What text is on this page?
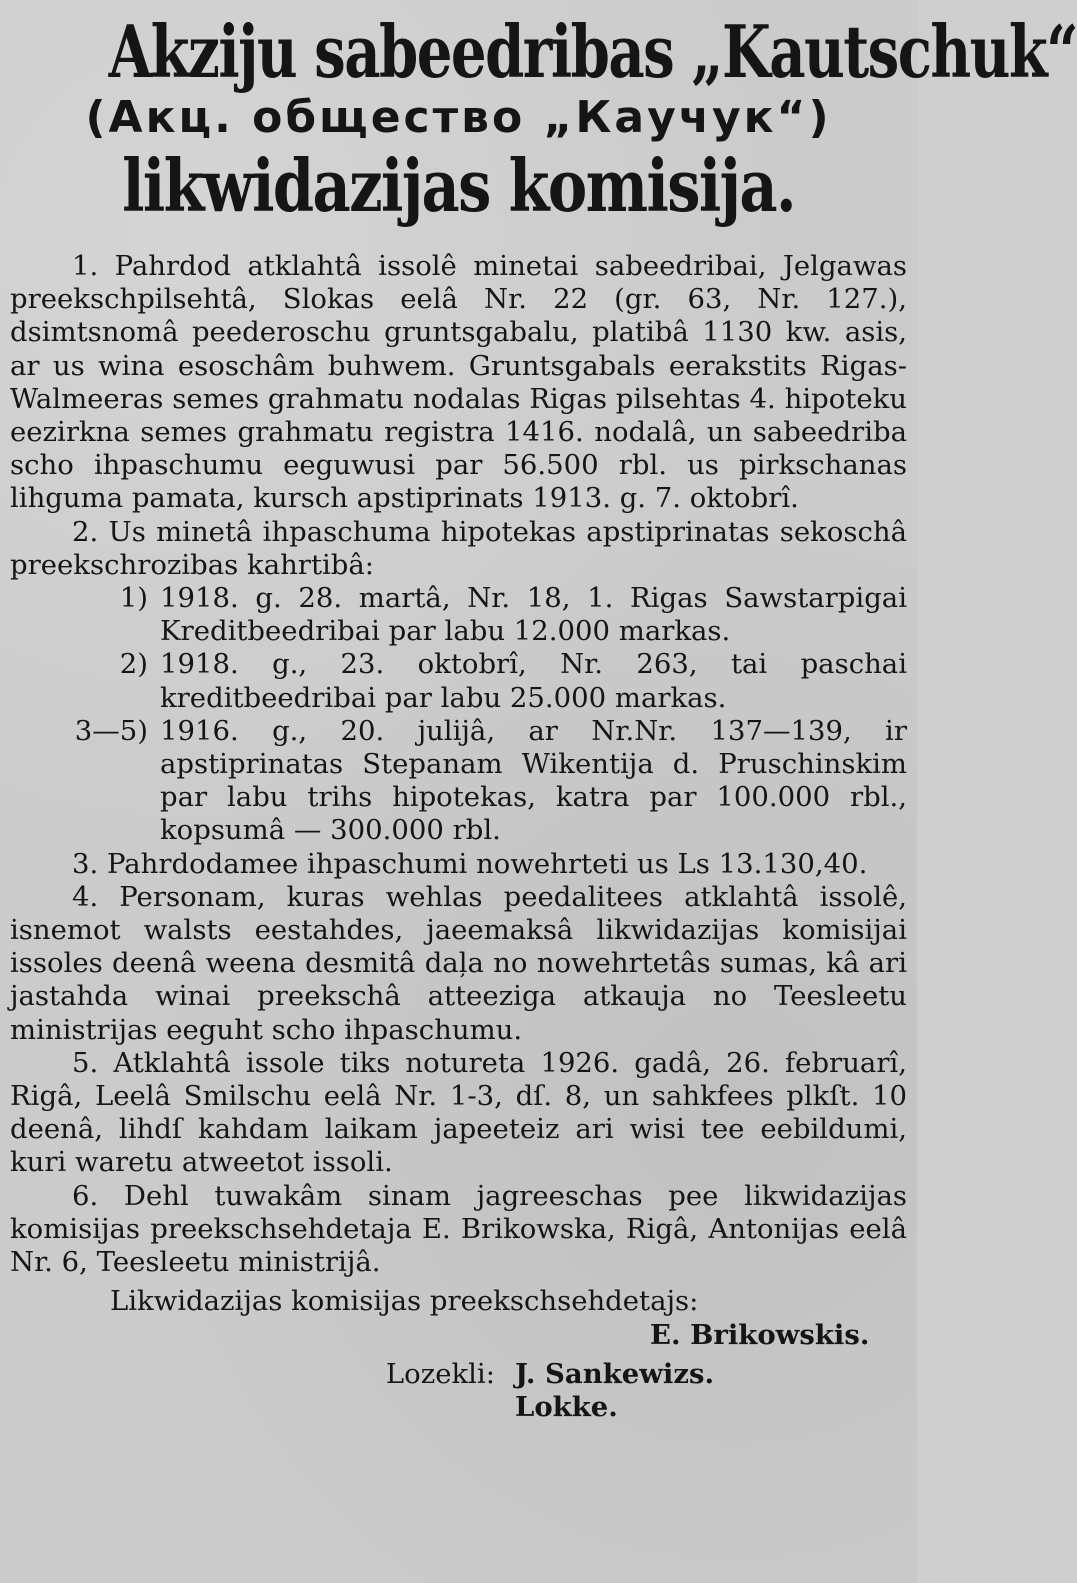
Akziju sabeedribas „Kautschuk“
(Акц. общество „Каучук“)
likwidazijas komisija.

1. Pahrdod atklahtâ issolê minetai sabeedribai, Jelgawas preekschpilsehtâ, Slokas eelâ Nr. 22 (gr. 63, Nr. 127.), dsimtsnomâ peederoschu gruntsgabalu, platibâ 1130 kw. asis, ar us wina esoschâm buhwem. Gruntsgabals eerakstits Rigas-Walmeeras semes grahmatu nodalas Rigas pilsehtas 4. hipoteku eezirkna semes grahmatu registra 1416. nodalâ, un sabeedriba scho ihpaschumu eeguwusi par 56.500 rbl. us pirkschanas lihguma pamata, kursch apstiprinats 1913. g. 7. oktobrî.

2. Us minetâ ihpaschuma hipotekas apstiprinatas sekoschâ preekschrozibas kahrtibâ:

1) 1918. g. 28. martâ, Nr. 18, 1. Rigas Sawstarpigai Kreditbeedribai par labu 12.000 markas.
2) 1918. g., 23. oktobrî, Nr. 263, tai paschai kreditbeedribai par labu 25.000 markas.
3—5) 1916. g., 20. julijâ, ar Nr.Nr. 137—139, ir apstiprinatas Stepanam Wikentija d. Pruschinskim par labu trihs hipotekas, katra par 100.000 rbl., kopsumâ — 300.000 rbl.

3. Pahrdodamee ihpaschumi nowehrteti us Ls 13.130,40.

4. Personam, kuras wehlas peedalitees atklahtâ issolê, isnemot walsts eestahdes, jaeemaksâ likwidazijas komisijai issoles deenâ weena desmitâ daļa no nowehrtetâs sumas, kâ ari jastahda winai preekschâ atteeziga atkauja no Teesleetu ministrijas eeguht scho ihpaschumu.

5. Atklahtâ issole tiks notureta 1926. gadâ, 26. februarî, Rigâ, Leelâ Smilschu eelâ Nr. 1-3, dſ. 8, un sahkfees plkſt. 10 deenâ, lihdſ kahdam laikam japeeteiz ari wisi tee eebildumi, kuri waretu atweetot issoli.

6. Dehl tuwakâm sinam jagreeschas pee likwidazijas komisijas preekschsehdetaja E. Brikowska, Rigâ, Antonijas eelâ Nr. 6, Teesleetu ministrijâ.

Likwidazijas komisijas preekschsehdetajs:
E. Brikowskis.
Lozekli: J. Sankewizs.
Lokke.
